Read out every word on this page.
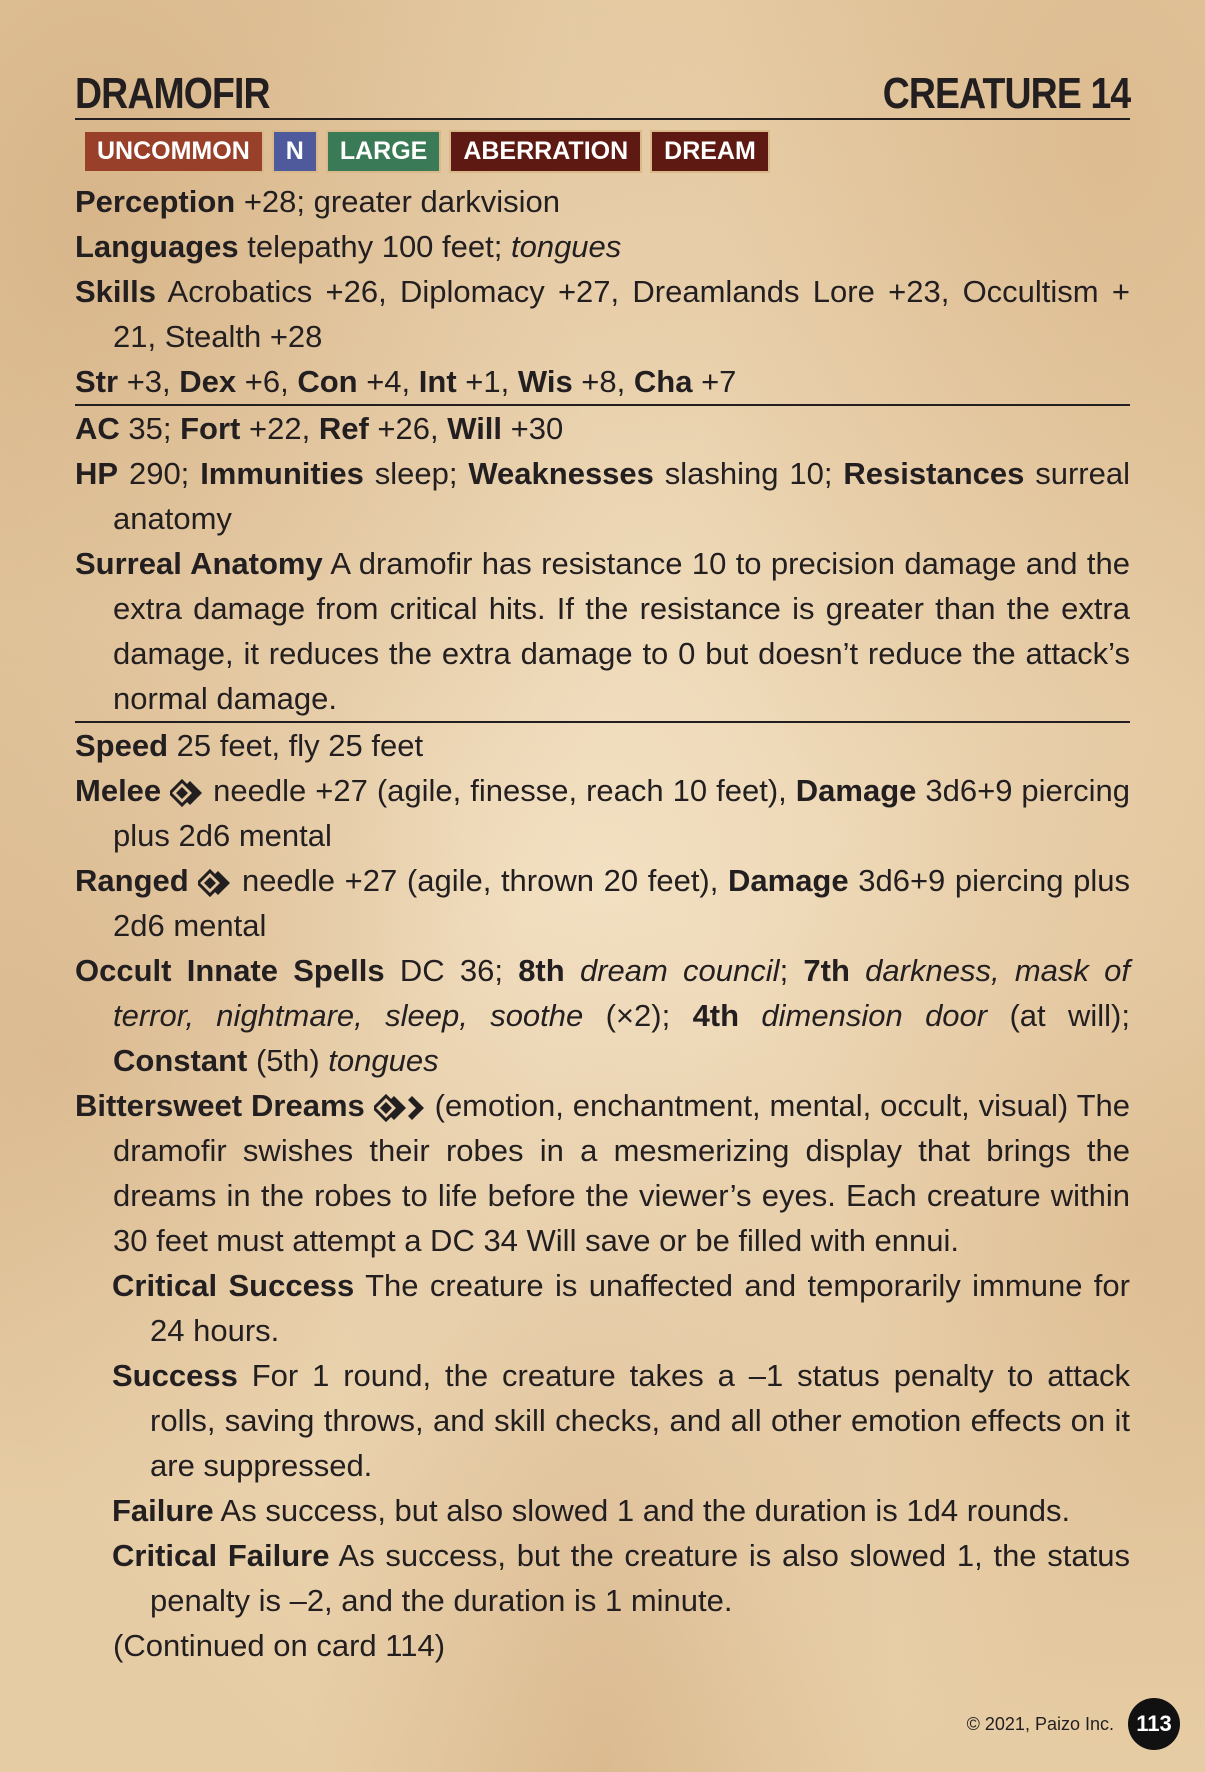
DRAMOFIR	CREATURE 14
UNCOMMON	N	LARGE	ABERRATION	DREAM
Perception +28; greater darkvision
Languages telepathy 100 feet; tongues
Skills Acrobatics +26, Diplomacy +27, Dreamlands Lore +23, Occultism + 21, Stealth +28
Str +3, Dex +6, Con +4, Int +1, Wis +8, Cha +7
AC 35; Fort +22, Ref +26, Will +30
HP 290; Immunities sleep; Weaknesses slashing 10; Resistances surreal anatomy
Surreal Anatomy A dramofir has resistance 10 to precision damage and the extra damage from critical hits. If the resistance is greater than the extra damage, it reduces the extra damage to 0 but doesn’t reduce the attack’s normal damage.
Speed 25 feet, fly 25 feet
Melee  needle +27 (agile, finesse, reach 10 feet), Damage 3d6+9 piercing plus 2d6 mental
Ranged  needle +27 (agile, thrown 20 feet), Damage 3d6+9 piercing plus 2d6 mental
Occult Innate Spells DC 36; 8th dream council; 7th darkness, mask of terror, nightmare, sleep, soothe (×2); 4th dimension door (at will); Constant (5th) tongues
Bittersweet Dreams  (emotion, enchantment, mental, occult, visual) The dramofir swishes their robes in a mesmerizing display that brings the dreams in the robes to life before the viewer’s eyes. Each creature within 30 feet must attempt a DC 34 Will save or be filled with ennui.
Critical Success The creature is unaffected and temporarily immune for 24 hours.
Success For 1 round, the creature takes a –1 status penalty to attack rolls, saving throws, and skill checks, and all other emotion effects on it are suppressed.
Failure As success, but also slowed 1 and the duration is 1d4 rounds.
Critical Failure As success, but the creature is also slowed 1, the status penalty is –2, and the duration is 1 minute.
(Continued on card 114)
© 2021, Paizo Inc.	113
